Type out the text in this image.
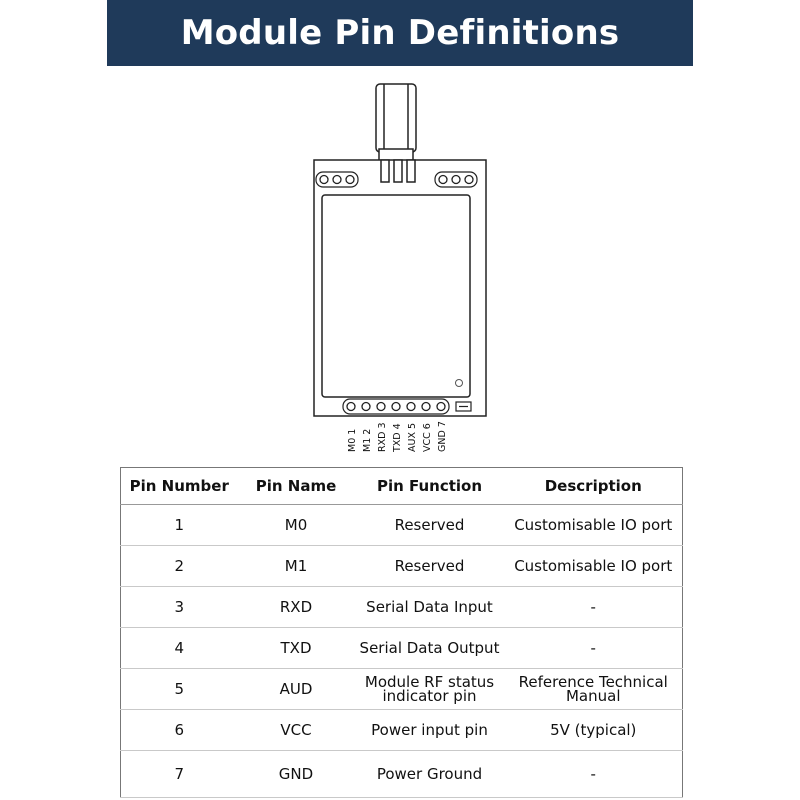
Module Pin Definitions
M0 1
M1 2 RXD 3
TXD 4
AUX 5
VCC 6
GND 7
Pin Number	Pin Name	Pin Function	Description
1	M0	Reserved	Customisable IO port
2	M1	Reserved	Customisable IO port
3	RXD	Serial Data Input	-
4	TXD	Serial Data Output	-
5	AUD	Module RF status indicator pin	Reference Technical Manual
6	VCC	Power input pin	5V (typical)
7	GND	Power Ground	-
